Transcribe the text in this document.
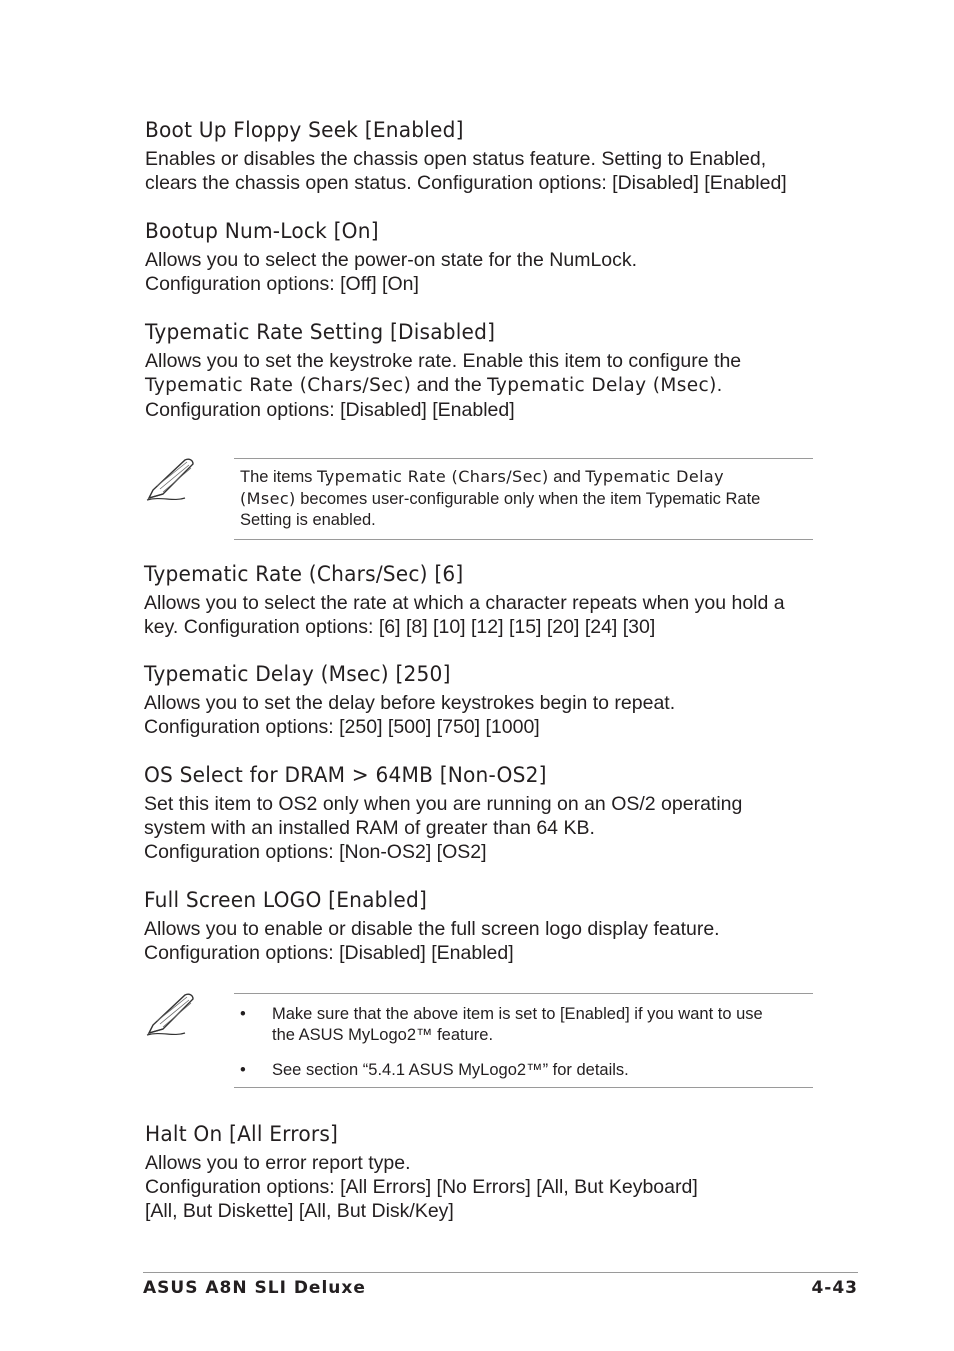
Boot Up Floppy Seek [Enabled]
Enables or disables the chassis open status feature. Setting to Enabled,
clears the chassis open status. Configuration options: [Disabled] [Enabled]
Bootup Num-Lock [On]
Allows you to select the power-on state for the NumLock.
Configuration options: [Off] [On]
Typematic Rate Setting [Disabled]
Allows you to set the keystroke rate. Enable this item to configure the
Typematic Rate (Chars/Sec) and the Typematic Delay (Msec).
Configuration options: [Disabled] [Enabled]
The items Typematic Rate (Chars/Sec) and Typematic Delay
(Msec) becomes user-configurable only when the item Typematic Rate
Setting is enabled.
Typematic Rate (Chars/Sec) [6]
Allows you to select the rate at which a character repeats when you hold a
key. Configuration options: [6] [8] [10] [12] [15] [20] [24] [30]
Typematic Delay (Msec) [250]
Allows you to set the delay before keystrokes begin to repeat.
Configuration options: [250] [500] [750] [1000]
OS Select for DRAM > 64MB [Non-OS2]
Set this item to OS2 only when you are running on an OS/2 operating
system with an installed RAM of greater than 64 KB.
Configuration options: [Non-OS2] [OS2]
Full Screen LOGO [Enabled]
Allows you to enable or disable the full screen logo display feature.
Configuration options: [Disabled] [Enabled]
• Make sure that the above item is set to [Enabled] if you want to use
the ASUS MyLogo2™ feature.
• See section “5.4.1 ASUS MyLogo2™” for details.
Halt On [All Errors]
Allows you to error report type.
Configuration options: [All Errors] [No Errors] [All, But Keyboard]
[All, But Diskette] [All, But Disk/Key]
ASUS A8N SLI Deluxe	4-43
